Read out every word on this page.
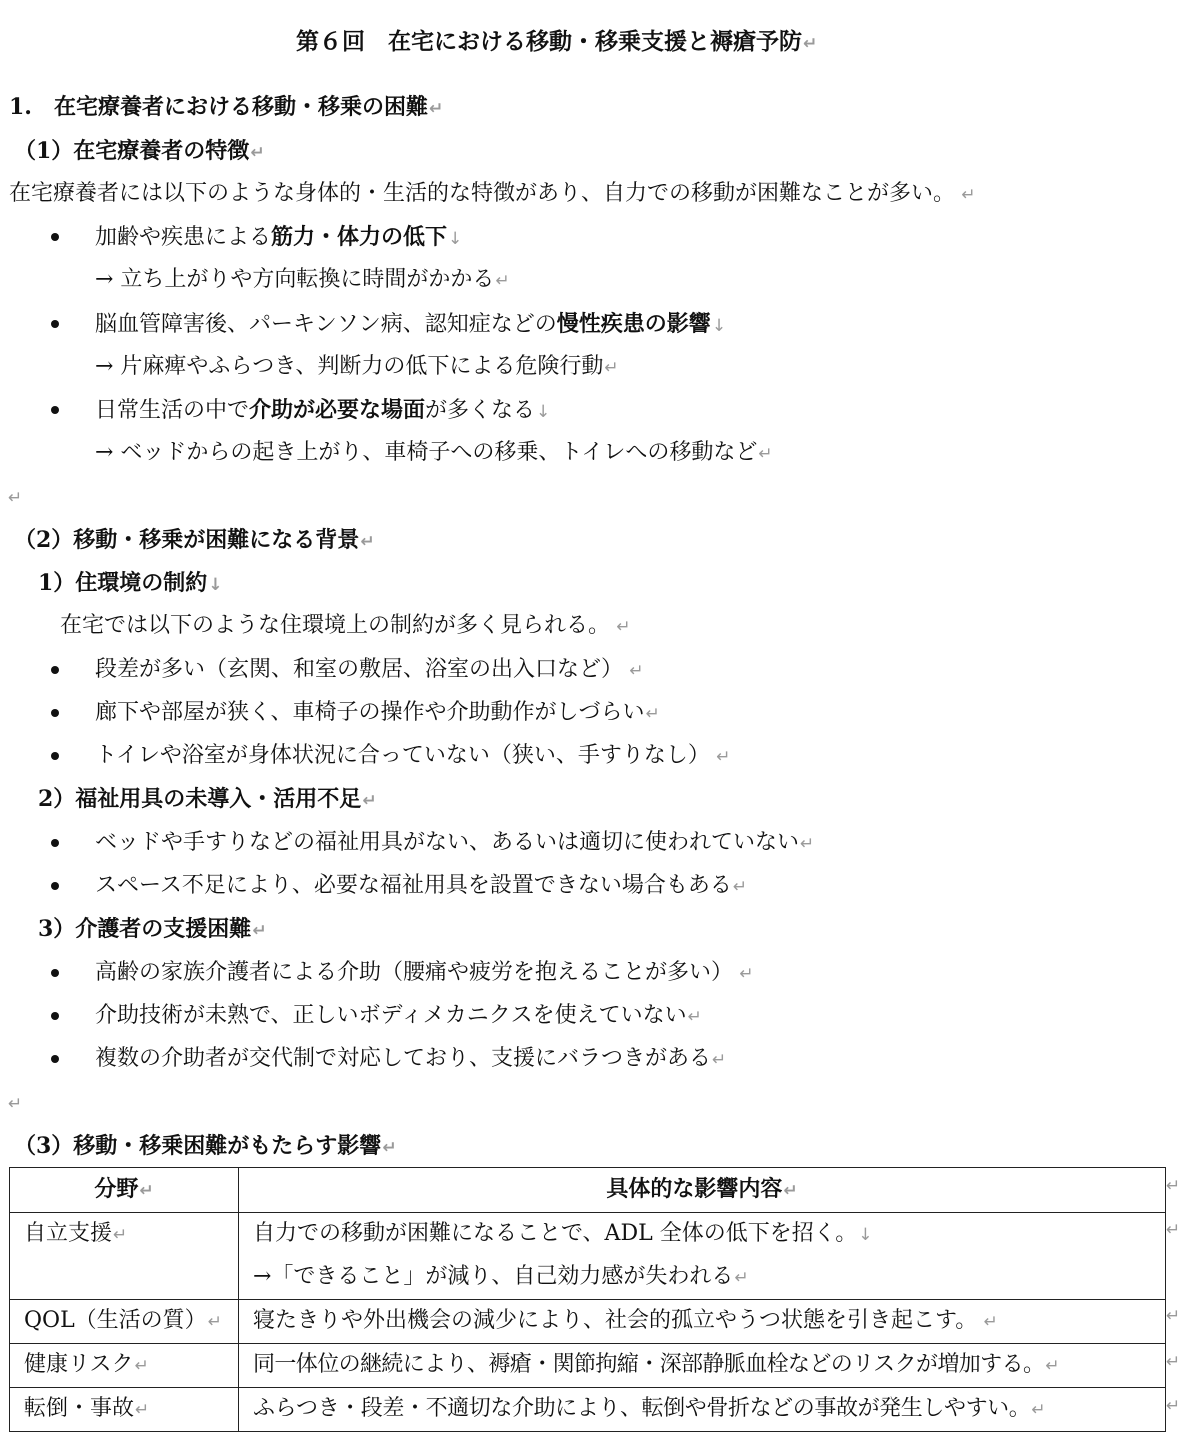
第６回　在宅における移動・移乗支援と褥瘡予防↵
1.　在宅療養者における移動・移乗の困難↵
（1）在宅療養者の特徴↵
在宅療養者には以下のような身体的・生活的な特徴があり、自力での移動が困難なことが多い。 ↵
加齢や疾患による筋力・体力の低下↓
→ 立ち上がりや方向転換に時間がかかる↵
脳血管障害後、パーキンソン病、認知症などの慢性疾患の影響↓
→ 片麻痺やふらつき、判断力の低下による危険行動↵
日常生活の中で介助が必要な場面が多くなる↓
→ ベッドからの起き上がり、車椅子への移乗、トイレへの移動など↵
↵
（2）移動・移乗が困難になる背景↵
1）住環境の制約↓
在宅では以下のような住環境上の制約が多く見られる。 ↵
段差が多い（玄関、和室の敷居、浴室の出入口など） ↵
廊下や部屋が狭く、車椅子の操作や介助動作がしづらい↵
トイレや浴室が身体状況に合っていない（狭い、手すりなし） ↵
2）福祉用具の未導入・活用不足↵
ベッドや手すりなどの福祉用具がない、あるいは適切に使われていない↵
スペース不足により、必要な福祉用具を設置できない場合もある↵
3）介護者の支援困難↵
高齢の家族介護者による介助（腰痛や疲労を抱えることが多い） ↵
介助技術が未熟で、正しいボディメカニクスを使えていない↵
複数の介助者が交代制で対応しており、支援にバラつきがある↵
↵
（3）移動・移乗困難がもたらす影響↵
分野↵	具体的な影響内容↵
自立支援↵	自力での移動が困難になることで、ADL 全体の低下を招く。↓
→「できること」が減り、自己効力感が失われる↵

QOL（生活の質）↵	寝たきりや外出機会の減少により、社会的孤立やうつ状態を引き起こす。 ↵
健康リスク↵	同一体位の継続により、褥瘡・関節拘縮・深部静脈血栓などのリスクが増加する。↵
転倒・事故↵	ふらつき・段差・不適切な介助により、転倒や骨折などの事故が発生しやすい。↵
↵
↵
↵
↵
↵
